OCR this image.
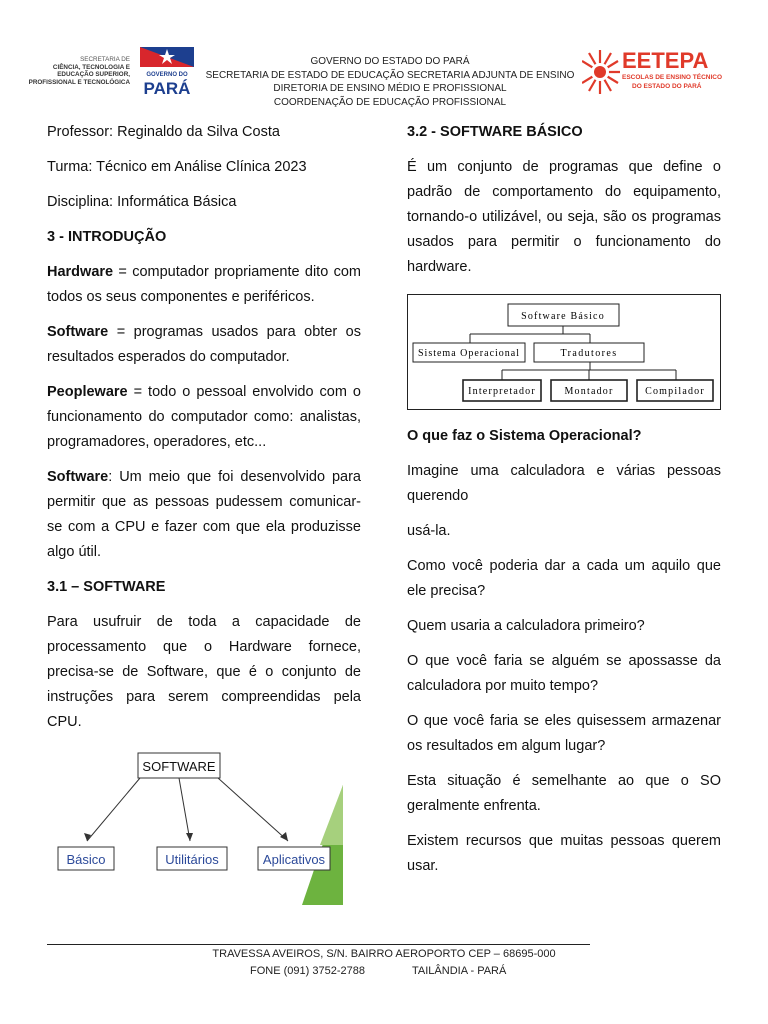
SECRETARIA DE
CIÊNCIA, TECNOLOGIA E
EDUCAÇÃO SUPERIOR,
PROFISSIONAL E TECNOLÓGICA
GOVERNO DO
PARÁ
GOVERNO DO ESTADO DO PARÁ
SECRETARIA DE ESTADO DE EDUCAÇÃO SECRETARIA ADJUNTA DE ENSINO
DIRETORIA DE ENSINO MÉDIO E PROFISSIONAL
COORDENAÇÃO DE EDUCAÇÃO PROFISSIONAL
EETEPA
ESCOLAS DE ENSINO TÉCNICO
DO ESTADO DO PARÁ

Professor: Reginaldo da Silva Costa

Turma: Técnico em Análise Clínica 2023

Disciplina: Informática Básica

3 - INTRODUÇÃO

Hardware = computador propriamente dito com todos os seus componentes e periféricos.

Software = programas usados para obter os resultados esperados do computador.

Peopleware = todo o pessoal envolvido com o funcionamento do computador como: analistas, programadores, operadores, etc...

Software: Um meio que foi desenvolvido para permitir que as pessoas pudessem comunicar-se com a CPU e fazer com que ela produzisse algo útil.

3.1 – SOFTWARE

Para usufruir de toda a capacidade de processamento que o Hardware fornece, precisa-se de Software, que é o conjunto de instruções para serem compreendidas pela CPU.

SOFTWARE
Básico	Utilitários	Aplicativos

3.2 - SOFTWARE BÁSICO

É um conjunto de programas que define o padrão de comportamento do equipamento, tornando-o utilizável, ou seja, são os programas usados para permitir o funcionamento do hardware.

Software Básico
Sistema Operacional	Tradutores
Interpretador	Montador	Compilador

O que faz o Sistema Operacional?

Imagine uma calculadora e várias pessoas querendo

usá-la.

Como você poderia dar a cada um aquilo que ele precisa?

Quem usaria a calculadora primeiro?

O que você faria se alguém se apossasse da calculadora por muito tempo?

O que você faria se eles quisessem armazenar os resultados em algum lugar?

Esta situação é semelhante ao que o SO geralmente enfrenta.

Existem recursos que muitas pessoas querem usar.

TRAVESSA AVEIROS, S/N. BAIRRO AEROPORTO CEP – 68695-000
FONE (091) 3752-2788	TAILÂNDIA - PARÁ
